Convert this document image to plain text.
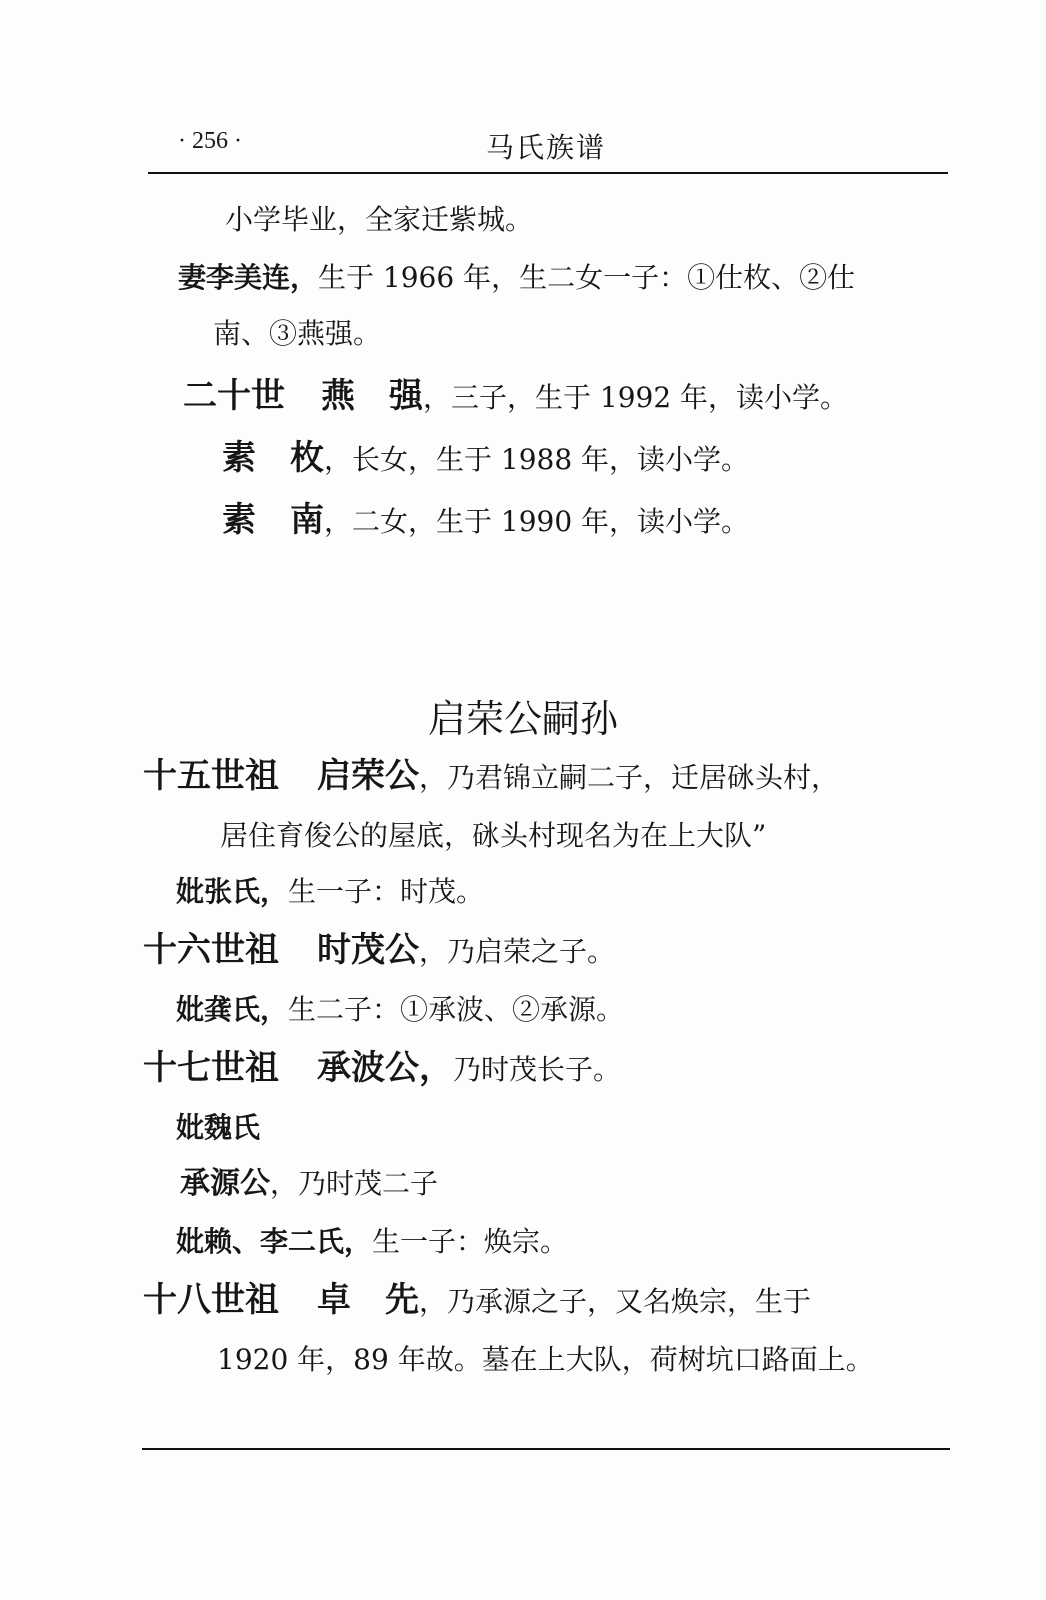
· 256 ·	马氏族谱
小学毕业，全家迁紫城。
妻李美连，生于 1966 年，生二女一子：①仕枚、②仕
南、③燕强。
二十世 燕　强，三子，生于 1992 年，读小学。
素　枚，长女，生于 1988 年，读小学。
素　南，二女，生于 1990 年，读小学。
启荣公嗣孙
十五世祖 启荣公，乃君锦立嗣二子，迁居砯头村，
居住育俊公的屋底，砯头村现名为在上大队”
妣张氏，生一子：时茂。
十六世祖 时茂公，乃启荣之子。
妣龚氏，生二子：①承波、②承源。
十七世祖 承波公，乃时茂长子。
妣魏氏
承源公，乃时茂二子
妣赖、李二氏，生一子：焕宗。
十八世祖 卓　先，乃承源之子，又名焕宗，生于
1920 年，89 年故。墓在上大队，荷树坑口路面上。
